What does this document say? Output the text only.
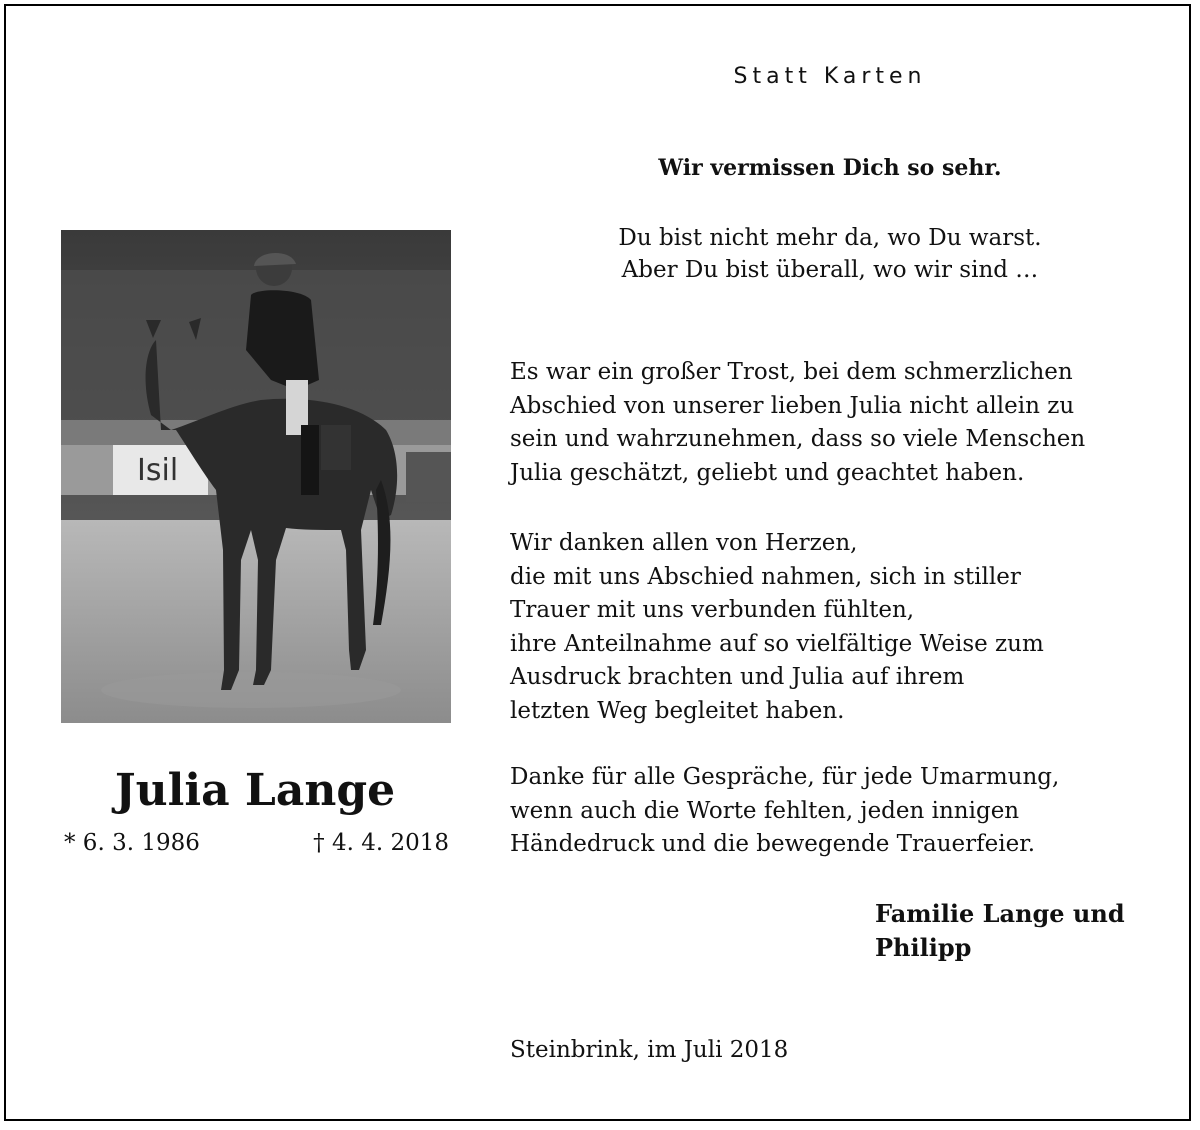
Statt Karten
Wir vermissen Dich so sehr.
Du bist nicht mehr da, wo Du warst.
Aber Du bist überall, wo wir sind …
Isil
Julia Lange
* 6. 3. 1986	† 4. 4. 2018
Es war ein großer Trost, bei dem schmerzlichen
Abschied von unserer lieben Julia nicht allein zu
sein und wahrzunehmen, dass so viele Menschen
Julia geschätzt, geliebt und geachtet haben.
Wir danken allen von Herzen,
die mit uns Abschied nahmen, sich in stiller
Trauer mit uns verbunden fühlten,
ihre Anteilnahme auf so vielfältige Weise zum
Ausdruck brachten und Julia auf ihrem
letzten Weg begleitet haben.
Danke für alle Gespräche, für jede Umarmung,
wenn auch die Worte fehlten, jeden innigen
Händedruck und die bewegende Trauerfeier.
Familie Lange und
Philipp
Steinbrink, im Juli 2018
